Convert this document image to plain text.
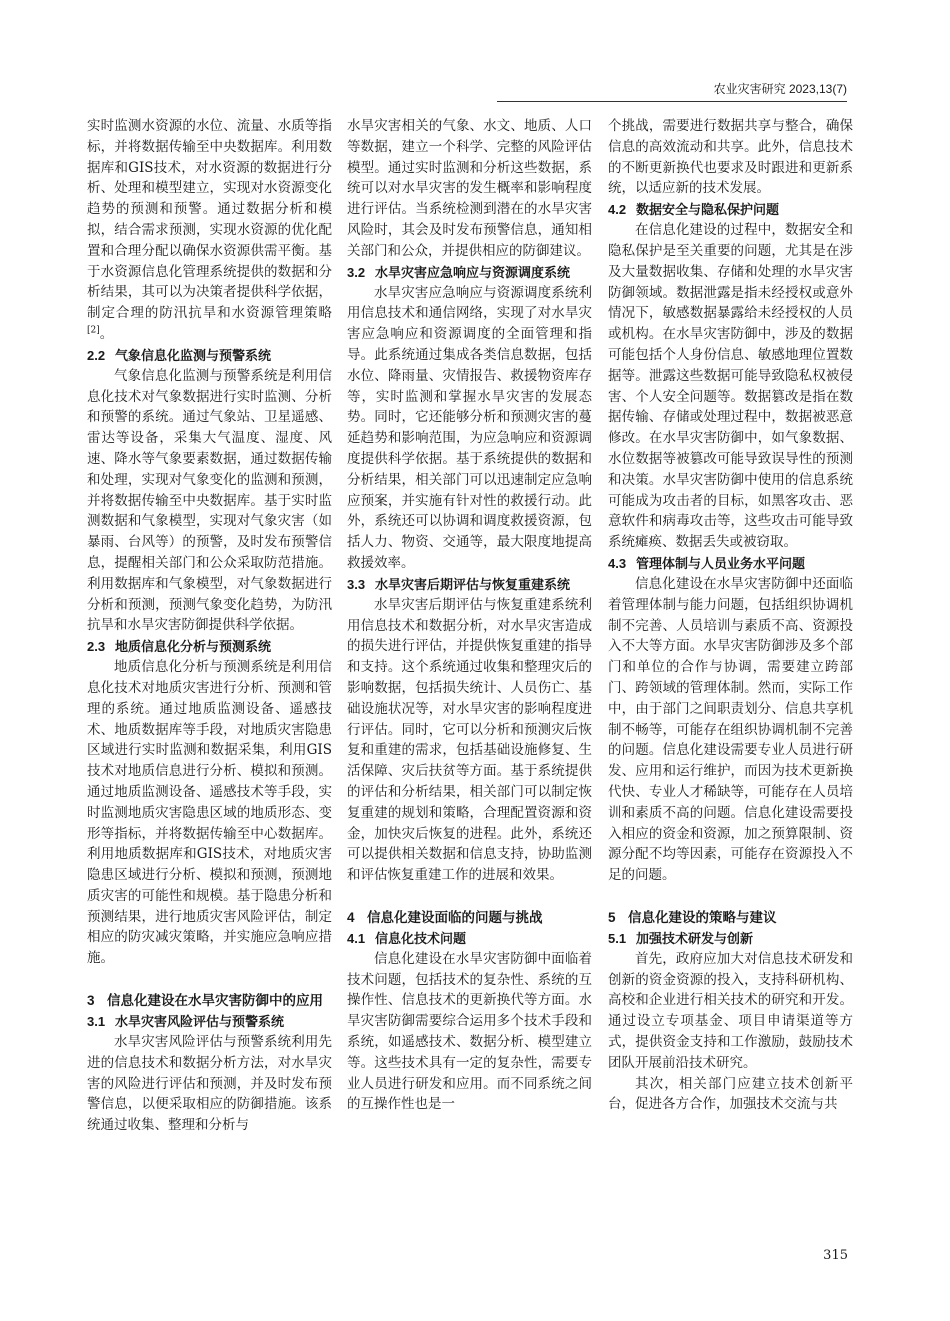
农业灾害研究 2023,13(7)

实时监测水资源的水位、流量、水质等指标，并将数据传输至中央数据库。利用数据库和GIS技术，对水资源的数据进行分析、处理和模型建立，实现对水资源变化趋势的预测和预警。通过数据分析和模拟，结合需求预测，实现水资源的优化配置和合理分配以确保水资源供需平衡。基于水资源信息化管理系统提供的数据和分析结果，其可以为决策者提供科学依据，制定合理的防汛抗旱和水资源管理策略[2]。

2.2 气象信息化监测与预警系统

气象信息化监测与预警系统是利用信息化技术对气象数据进行实时监测、分析和预警的系统。通过气象站、卫星遥感、雷达等设备，采集大气温度、湿度、风速、降水等气象要素数据，通过数据传输和处理，实现对气象变化的监测和预测，并将数据传输至中央数据库。基于实时监测数据和气象模型，实现对气象灾害（如暴雨、台风等）的预警，及时发布预警信息，提醒相关部门和公众采取防范措施。利用数据库和气象模型，对气象数据进行分析和预测，预测气象变化趋势，为防汛抗旱和水旱灾害防御提供科学依据。

2.3 地质信息化分析与预测系统

地质信息化分析与预测系统是利用信息化技术对地质灾害进行分析、预测和管理的系统。通过地质监测设备、遥感技术、地质数据库等手段，对地质灾害隐患区域进行实时监测和数据采集，利用GIS技术对地质信息进行分析、模拟和预测。通过地质监测设备、遥感技术等手段，实时监测地质灾害隐患区域的地质形态、变形等指标，并将数据传输至中心数据库。利用地质数据库和GIS技术，对地质灾害隐患区域进行分析、模拟和预测，预测地质灾害的可能性和规模。基于隐患分析和预测结果，进行地质灾害风险评估，制定相应的防灾减灾策略，并实施应急响应措施。

3 信息化建设在水旱灾害防御中的应用
3.1 水旱灾害风险评估与预警系统

水旱灾害风险评估与预警系统利用先进的信息技术和数据分析方法，对水旱灾害的风险进行评估和预测，并及时发布预警信息，以便采取相应的防御措施。该系统通过收集、整理和分析与

水旱灾害相关的气象、水文、地质、人口等数据，建立一个科学、完整的风险评估模型。通过实时监测和分析这些数据，系统可以对水旱灾害的发生概率和影响程度进行评估。当系统检测到潜在的水旱灾害风险时，其会及时发布预警信息，通知相关部门和公众，并提供相应的防御建议。

3.2 水旱灾害应急响应与资源调度系统

水旱灾害应急响应与资源调度系统利用信息技术和通信网络，实现了对水旱灾害应急响应和资源调度的全面管理和指导。此系统通过集成各类信息数据，包括水位、降雨量、灾情报告、救援物资库存等，实时监测和掌握水旱灾害的发展态势。同时，它还能够分析和预测灾害的蔓延趋势和影响范围，为应急响应和资源调度提供科学依据。基于系统提供的数据和分析结果，相关部门可以迅速制定应急响应预案，并实施有针对性的救援行动。此外，系统还可以协调和调度救援资源，包括人力、物资、交通等，最大限度地提高救援效率。

3.3 水旱灾害后期评估与恢复重建系统

水旱灾害后期评估与恢复重建系统利用信息技术和数据分析，对水旱灾害造成的损失进行评估，并提供恢复重建的指导和支持。这个系统通过收集和整理灾后的影响数据，包括损失统计、人员伤亡、基础设施状况等，对水旱灾害的影响程度进行评估。同时，它可以分析和预测灾后恢复和重建的需求，包括基础设施修复、生活保障、灾后扶贫等方面。基于系统提供的评估和分析结果，相关部门可以制定恢复重建的规划和策略，合理配置资源和资金，加快灾后恢复的进程。此外，系统还可以提供相关数据和信息支持，协助监测和评估恢复重建工作的进展和效果。

4 信息化建设面临的问题与挑战
4.1 信息化技术问题

信息化建设在水旱灾害防御中面临着技术问题，包括技术的复杂性、系统的互操作性、信息技术的更新换代等方面。水旱灾害防御需要综合运用多个技术手段和系统，如遥感技术、数据分析、模型建立等。这些技术具有一定的复杂性，需要专业人员进行研发和应用。而不同系统之间的互操作性也是一

个挑战，需要进行数据共享与整合，确保信息的高效流动和共享。此外，信息技术的不断更新换代也要求及时跟进和更新系统，以适应新的技术发展。

4.2 数据安全与隐私保护问题

在信息化建设的过程中，数据安全和隐私保护是至关重要的问题，尤其是在涉及大量数据收集、存储和处理的水旱灾害防御领域。数据泄露是指未经授权或意外情况下，敏感数据暴露给未经授权的人员或机构。在水旱灾害防御中，涉及的数据可能包括个人身份信息、敏感地理位置数据等。泄露这些数据可能导致隐私权被侵害、个人安全问题等。数据篡改是指在数据传输、存储或处理过程中，数据被恶意修改。在水旱灾害防御中，如气象数据、水位数据等被篡改可能导致误导性的预测和决策。水旱灾害防御中使用的信息系统可能成为攻击者的目标，如黑客攻击、恶意软件和病毒攻击等，这些攻击可能导致系统瘫痪、数据丢失或被窃取。

4.3 管理体制与人员业务水平问题

信息化建设在水旱灾害防御中还面临着管理体制与能力问题，包括组织协调机制不完善、人员培训与素质不高、资源投入不大等方面。水旱灾害防御涉及多个部门和单位的合作与协调，需要建立跨部门、跨领域的管理体制。然而，实际工作中，由于部门之间职责划分、信息共享机制不畅等，可能存在组织协调机制不完善的问题。信息化建设需要专业人员进行研发、应用和运行维护，而因为技术更新换代快、专业人才稀缺等，可能存在人员培训和素质不高的问题。信息化建设需要投入相应的资金和资源，加之预算限制、资源分配不均等因素，可能存在资源投入不足的问题。

5 信息化建设的策略与建议
5.1 加强技术研发与创新

首先，政府应加大对信息技术研发和创新的资金资源的投入，支持科研机构、高校和企业进行相关技术的研究和开发。通过设立专项基金、项目申请渠道等方式，提供资金支持和工作激励，鼓励技术团队开展前沿技术研究。

其次，相关部门应建立技术创新平台，促进各方合作，加强技术交流与共

315
